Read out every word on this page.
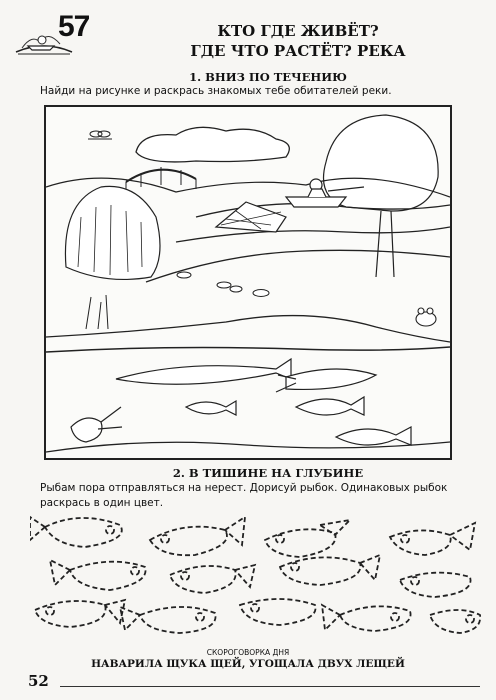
57	КТО ГДЕ ЖИВЁТ?
ГДЕ ЧТО РАСТЁТ? РЕКА
1. ВНИЗ ПО ТЕЧЕНИЮ
Найди на рисунке и раскрась знакомых тебе обитателей реки.
2. В ТИШИНЕ НА ГЛУБИНЕ
Рыбам пора отправляться на нерест. Дорисуй рыбок. Одинаковых рыбок раскрась в один цвет.
СКОРОГОВОРКА ДНЯ
НАВАРИЛА ЩУКА ЩЕЙ, УГОЩАЛА ДВУХ ЛЕЩЕЙ
52
